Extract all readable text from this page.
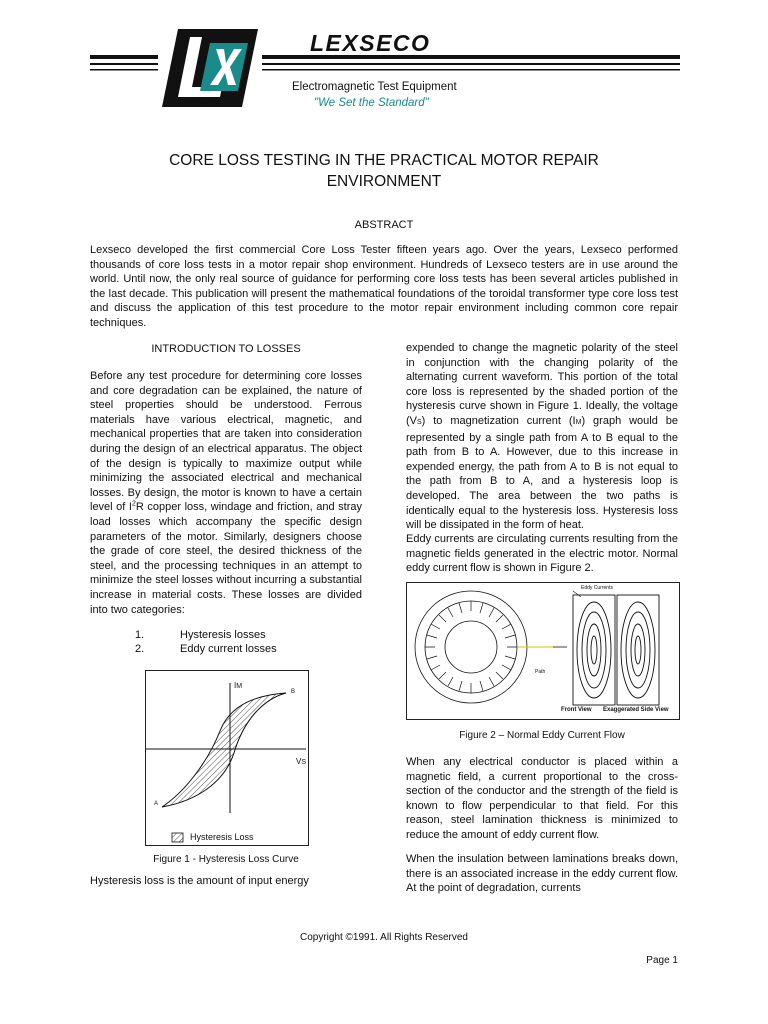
LEXSECO
Electromagnetic Test Equipment
"We Set the Standard"
CORE LOSS TESTING IN THE PRACTICAL MOTOR REPAIR
ENVIRONMENT
ABSTRACT
Lexseco developed the first commercial Core Loss Tester fifteen years ago. Over the years, Lexseco performed thousands of core loss tests in a motor repair shop environment. Hundreds of Lexseco testers are in use around the world. Until now, the only real source of guidance for performing core loss tests has been several articles published in the last decade. This publication will present the mathematical foundations of the toroidal transformer type core loss test and discuss the application of this test procedure to the motor repair environment including common core repair techniques.
INTRODUCTION TO LOSSES
Before any test procedure for determining core losses and core degradation can be explained, the nature of steel properties should be understood. Ferrous materials have various electrical, magnetic, and mechanical properties that are taken into consideration during the design of an electrical apparatus. The object of the design is typically to maximize output while minimizing the associated electrical and mechanical losses. By design, the motor is known to have a certain level of $I^2R$ copper loss, windage and friction, and stray load losses which accompany the specific design parameters of the motor. Similarly, designers choose the grade of core steel, the desired thickness of the steel, and the processing techniques in an attempt to minimize the steel losses without incurring a substantial increase in material costs. These losses are divided into two categories:
1.	Hysteresis losses
2.	Eddy current losses
IM
VS
A
B
Hysteresis Loss
Figure 1 - Hysteresis Loss Curve
Hysteresis loss is the amount of input energy
expended to change the magnetic polarity of the steel in conjunction with the changing polarity of the alternating current waveform. This portion of the total core loss is represented by the shaded portion of the hysteresis curve shown in Figure 1. Ideally, the voltage (VS) to magnetization current (IM) graph would be represented by a single path from A to B equal to the path from B to A. However, due to this increase in expended energy, the path from A to B is not equal to the path from B to A, and a hysteresis loop is developed. The area between the two paths is identically equal to the hysteresis loss. Hysteresis loss will be dissipated in the form of heat.
Eddy currents are circulating currents resulting from the magnetic fields generated in the electric motor. Normal eddy current flow is shown in Figure 2.
Eddy Currents
Path
Front View Exaggerated Side View
Figure 2 – Normal Eddy Current Flow
When any electrical conductor is placed within a magnetic field, a current proportional to the cross-section of the conductor and the strength of the field is known to flow perpendicular to that field. For this reason, steel lamination thickness is minimized to reduce the amount of eddy current flow.
When the insulation between laminations breaks down, there is an associated increase in the eddy current flow. At the point of degradation, currents
Copyright ©1991. All Rights Reserved
Page 1
